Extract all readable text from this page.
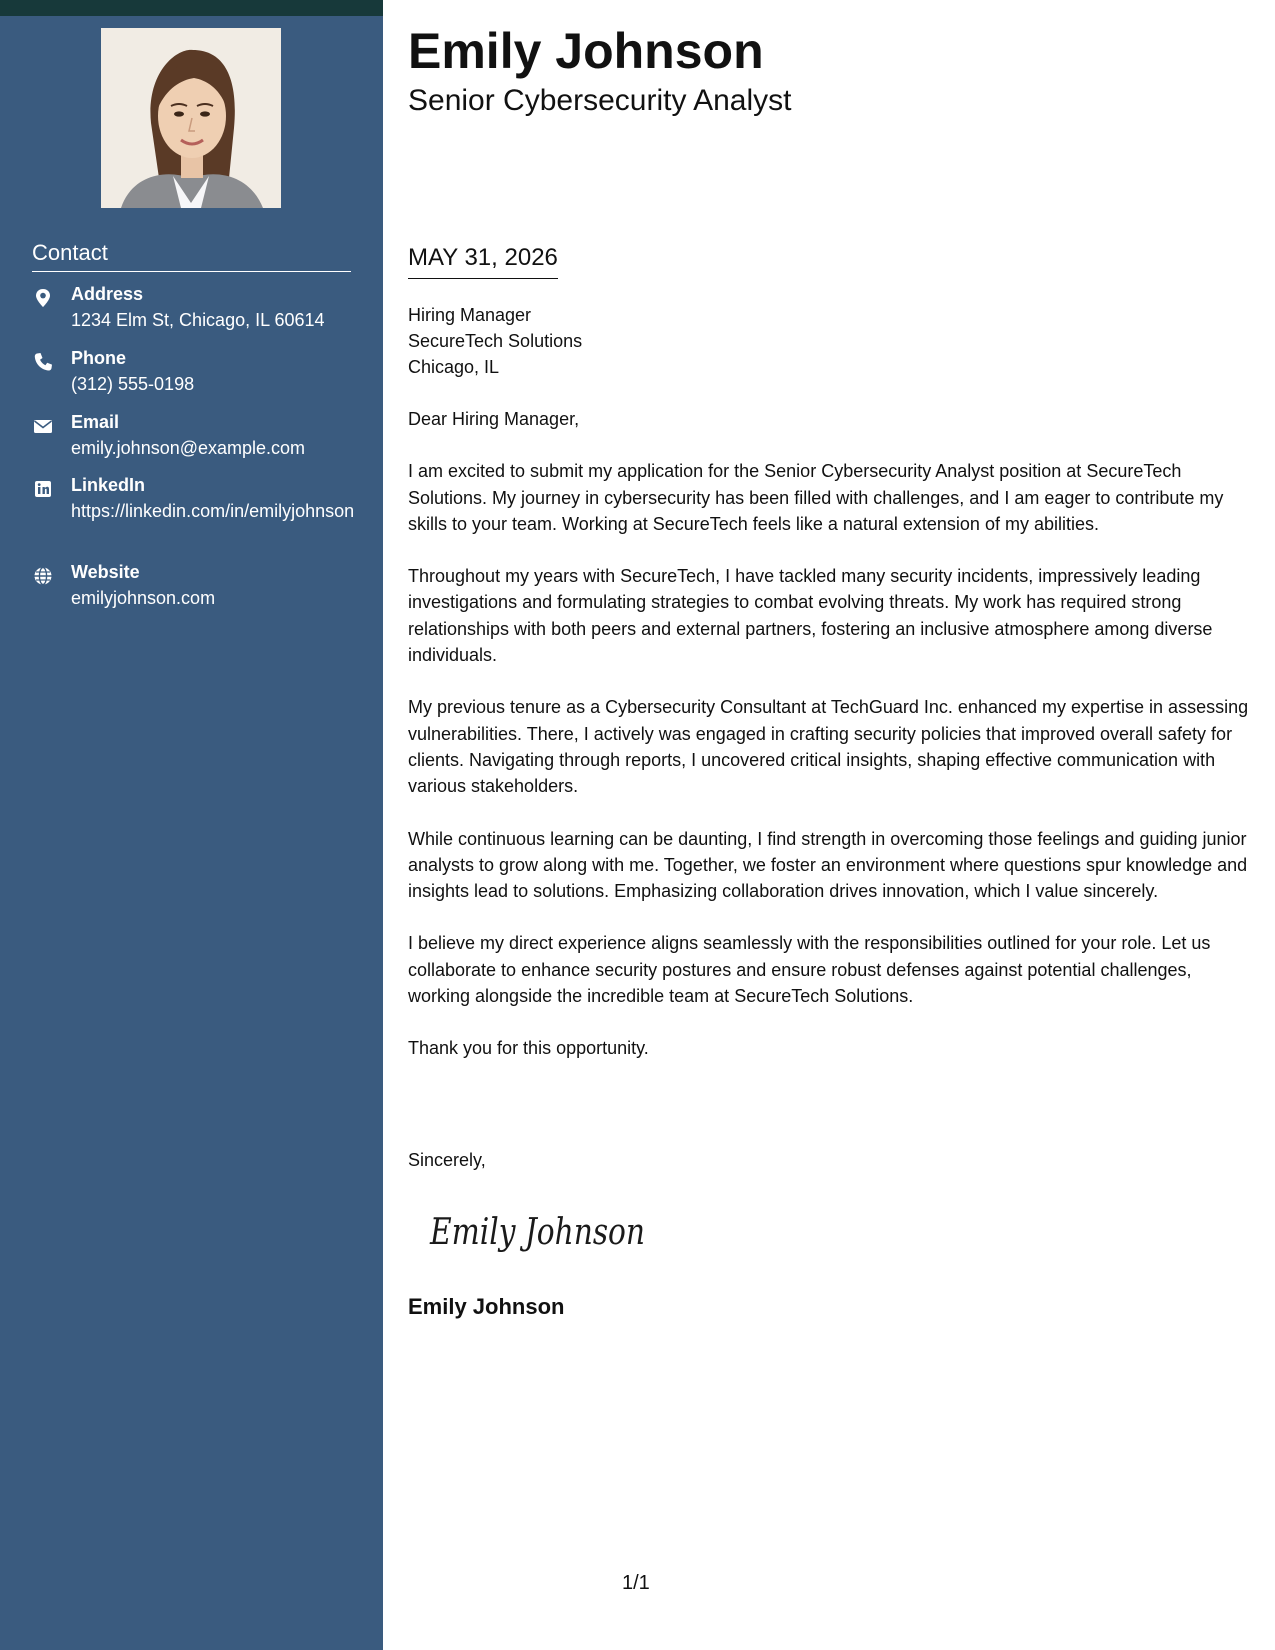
Contact
Address
1234 Elm St, Chicago, IL 60614
Phone
(312) 555-0198
Email
emily.johnson@example.com
LinkedIn
https://linkedin.com/in/emilyjohnson
Website
emilyjohnson.com
Emily Johnson
Senior Cybersecurity Analyst
MAY 31, 2026
Hiring Manager
SecureTech Solutions
Chicago, IL

Dear Hiring Manager,

I am excited to submit my application for the Senior Cybersecurity Analyst position at SecureTech Solutions. My journey in cybersecurity has been filled with challenges, and I am eager to contribute my skills to your team. Working at SecureTech feels like a natural extension of my abilities.

Throughout my years with SecureTech, I have tackled many security incidents, impressively leading investigations and formulating strategies to combat evolving threats. My work has required strong relationships with both peers and external partners, fostering an inclusive atmosphere among diverse individuals.

My previous tenure as a Cybersecurity Consultant at TechGuard Inc. enhanced my expertise in assessing vulnerabilities. There, I actively was engaged in crafting security policies that improved overall safety for clients. Navigating through reports, I uncovered critical insights, shaping effective communication with various stakeholders.

While continuous learning can be daunting, I find strength in overcoming those feelings and guiding junior analysts to grow along with me. Together, we foster an environment where questions spur knowledge and insights lead to solutions. Emphasizing collaboration drives innovation, which I value sincerely.

I believe my direct experience aligns seamlessly with the responsibilities outlined for your role. Let us collaborate to enhance security postures and ensure robust defenses against potential challenges, working alongside the incredible team at SecureTech Solutions.

Thank you for this opportunity.

Sincerely,
Emily Johnson
Emily Johnson
1/1
